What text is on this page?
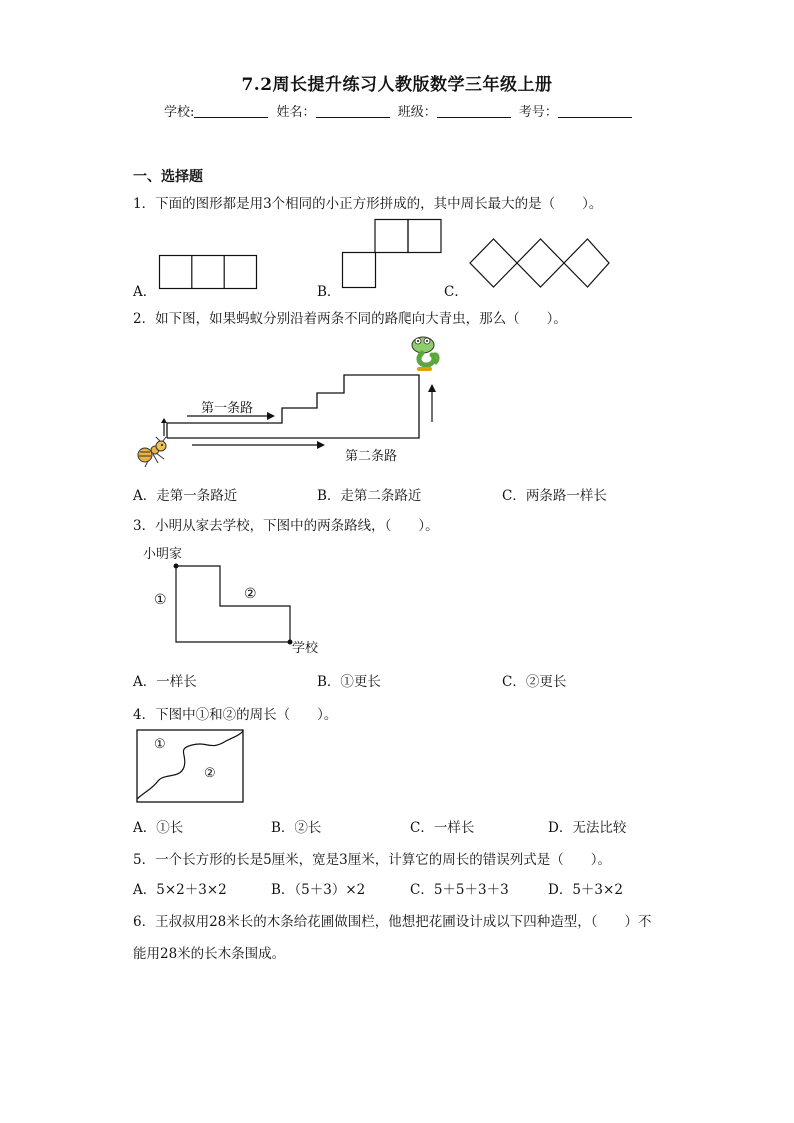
7.2周长提升练习人教版数学三年级上册
学校:	姓名：	班级：	考号：
一、选择题
1．下面的图形都是用3个相同的小正方形拼成的，其中周长最大的是（　　）。
A．	B．	C．
2．如下图，如果蚂蚁分别沿着两条不同的路爬向大青虫，那么（　　）。
第一条路
第二条路
A．走第一条路近	B．走第二条路近	C．两条路一样长
3．小明从家去学校，下图中的两条路线，（　　）。
小明家
①	②
学校
A．一样长	B．①更长	C．②更长
4．下图中①和②的周长（　　）。
①
②
A．①长	B．②长	C．一样长	D．无法比较
5．一个长方形的长是5厘米，宽是3厘米，计算它的周长的错误列式是（　　）。
A．5×2＋3×2	B．（5＋3）×2	C．5＋5＋3＋3	D．5＋3×2
6．王叔叔用28米长的木条给花圃做围栏，他想把花圃设计成以下四种造型，（　　）不
能用28米的长木条围成。
